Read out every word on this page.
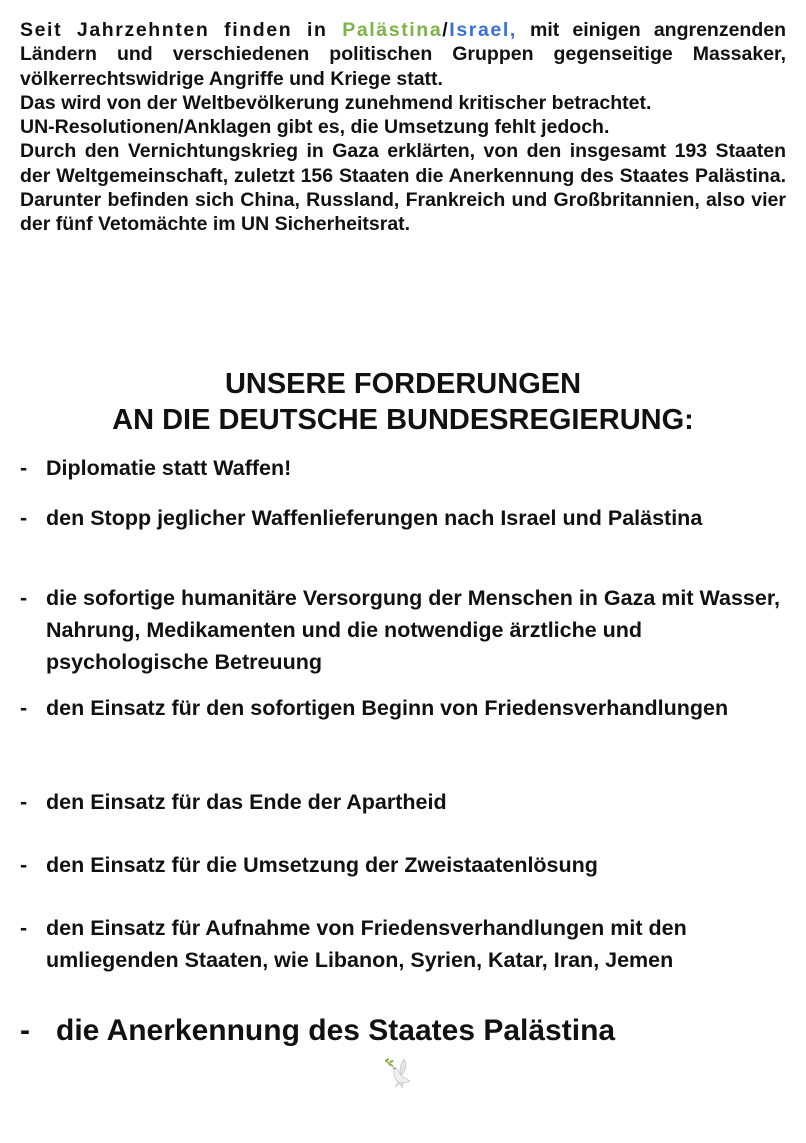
Seit Jahrzehnten finden in Palästina/Israel, mit einigen angrenzenden Ländern und verschiedenen politischen Gruppen gegenseitige Massaker, völkerrechtswidrige Angriffe und Kriege statt.

Das wird von der Weltbevölkerung zunehmend kritischer betrachtet.

UN-Resolutionen/Anklagen gibt es, die Umsetzung fehlt jedoch.

Durch den Vernichtungskrieg in Gaza erklärten, von den insgesamt 193 Staaten der Weltgemeinschaft, zuletzt 156 Staaten die Anerkennung des Staates Palästina. Darunter befinden sich China, Russland, Frankreich und Großbritannien, also vier der fünf Vetomächte im UN Sicherheitsrat.

UNSERE FORDERUNGEN
AN DIE DEUTSCHE BUNDESREGIERUNG:
- Diplomatie statt Waffen!
- den Stopp jeglicher Waffenlieferungen nach Israel und Palästina
- die sofortige humanitäre Versorgung der Menschen in Gaza mit Wasser, Nahrung, Medikamenten und die notwendige ärztliche und psychologische Betreuung
- den Einsatz für den sofortigen Beginn von Friedensverhandlungen
- den Einsatz für das Ende der Apartheid
- den Einsatz für die Umsetzung der Zweistaatenlösung
- den Einsatz für Aufnahme von Friedensverhandlungen mit den umliegenden Staaten, wie Libanon, Syrien, Katar, Iran, Jemen
- die Anerkennung des Staates Palästina
